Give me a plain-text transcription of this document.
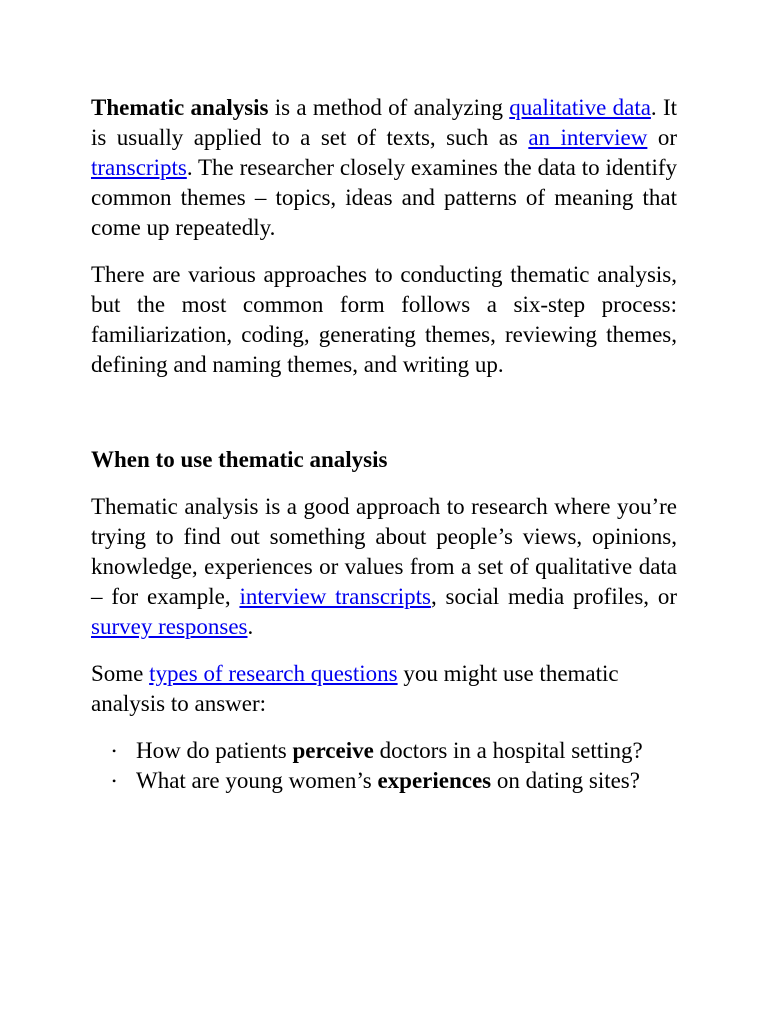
Thematic analysis is a method of analyzing qualitative data. It is usually applied to a set of texts, such as an interview or transcripts. The researcher closely examines the data to identify common themes – topics, ideas and patterns of meaning that come up repeatedly.

There are various approaches to conducting thematic analysis, but the most common form follows a six-step process: familiarization, coding, generating themes, reviewing themes, defining and naming themes, and writing up.

When to use thematic analysis

Thematic analysis is a good approach to research where you’re trying to find out something about people’s views, opinions, knowledge, experiences or values from a set of qualitative data – for example, interview transcripts, social media profiles, or survey responses.

Some types of research questions you might use thematic analysis to answer:

• How do patients perceive doctors in a hospital setting?
• What are young women’s experiences on dating sites?
